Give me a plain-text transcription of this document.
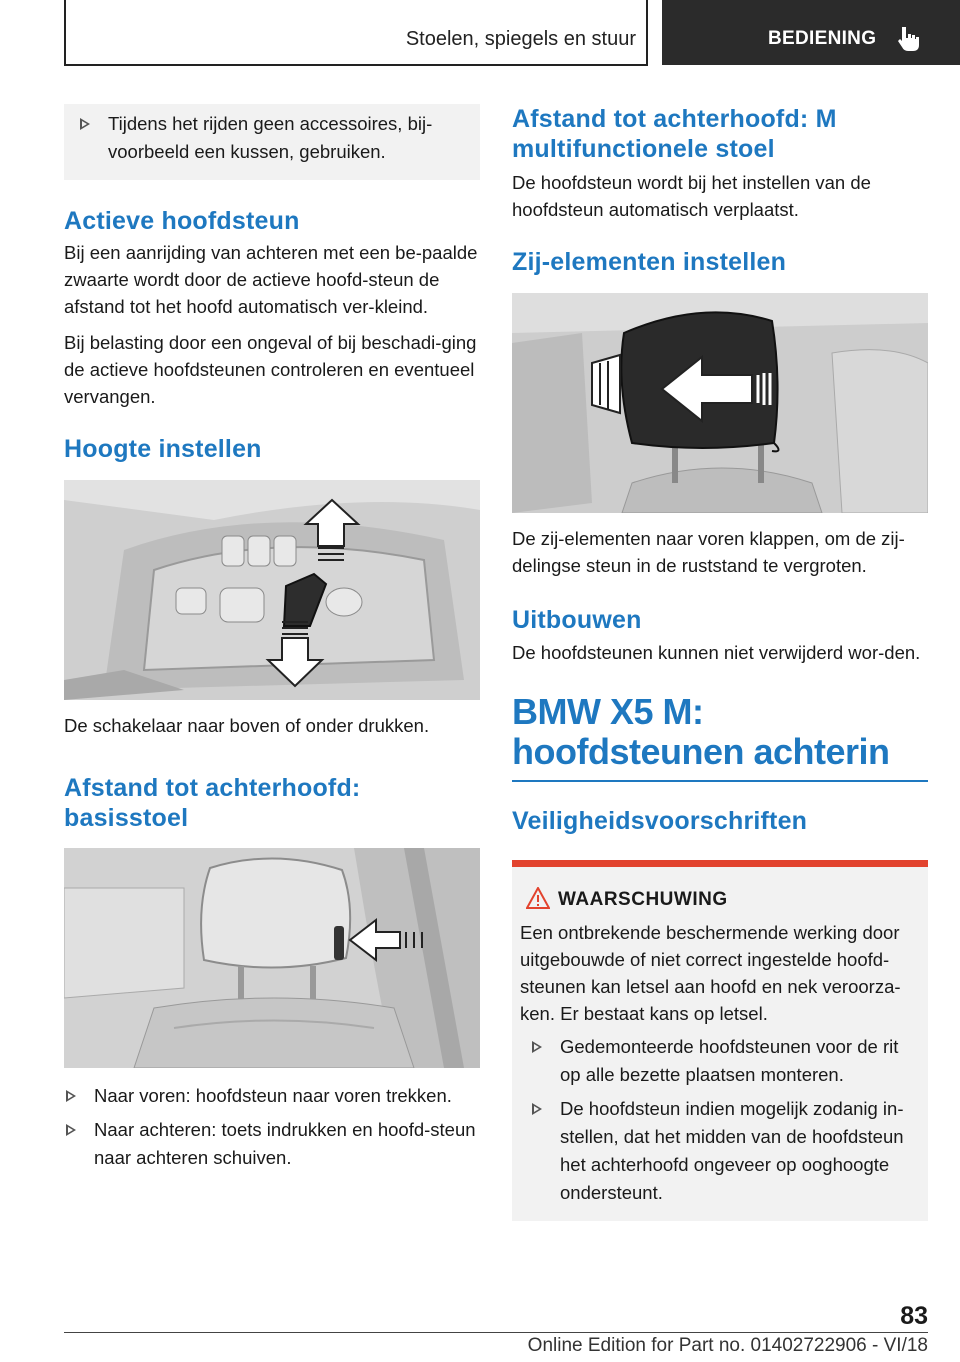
Stoelen, spiegels en stuur	BEDIENING
Tijdens het rijden geen accessoires, bij-voorbeeld een kussen, gebruiken.
Actieve hoofdsteun
Bij een aanrijding van achteren met een be-paalde zwaarte wordt door de actieve hoofd-steun de afstand tot het hoofd automatisch ver-kleind.
Bij belasting door een ongeval of bij beschadi-ging de actieve hoofdsteunen controleren en eventueel vervangen.
Hoogte instellen
De schakelaar naar boven of onder drukken.
Afstand tot achterhoofd: basisstoel
Naar voren: hoofdsteun naar voren trekken.
Naar achteren: toets indrukken en hoofd-steun naar achteren schuiven.
Afstand tot achterhoofd: M multifunctionele stoel
De hoofdsteun wordt bij het instellen van de hoofdsteun automatisch verplaatst.
Zij-elementen instellen
De zij-elementen naar voren klappen, om de zij-delingse steun in de ruststand te vergroten.
Uitbouwen
De hoofdsteunen kunnen niet verwijderd wor-den.
BMW X5 M: hoofdsteunen achterin
Veiligheidsvoorschriften
WAARSCHUWING
Een ontbrekende beschermende werking door uitgebouwde of niet correct ingestelde hoofd-steunen kan letsel aan hoofd en nek veroorza-ken. Er bestaat kans op letsel.
Gedemonteerde hoofdsteunen voor de rit op alle bezette plaatsen monteren.
De hoofdsteun indien mogelijk zodanig in-stellen, dat het midden van de hoofdsteun het achterhoofd ongeveer op ooghoogte ondersteunt.
83
Online Edition for Part no. 01402722906 - VI/18
